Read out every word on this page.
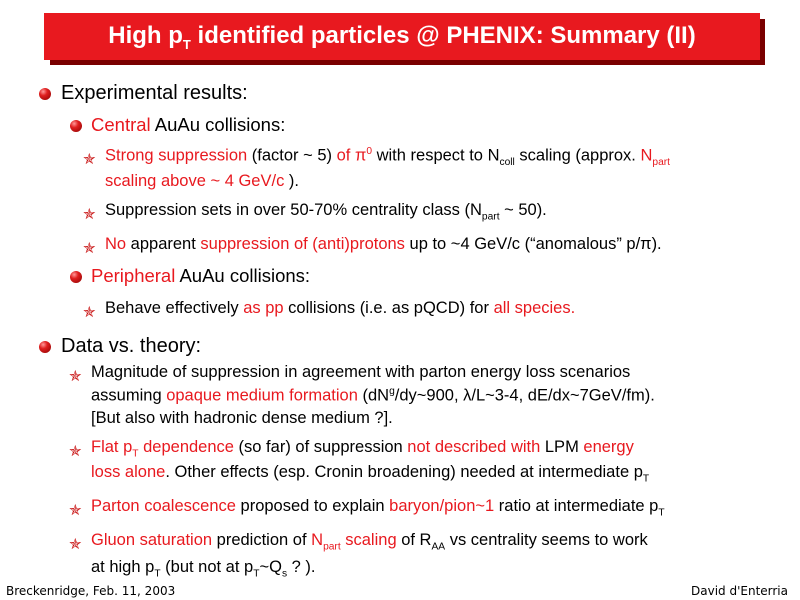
High $p_T$ identified particles @ PHENIX: Summary (II)
Experimental results:
Central AuAu collisions:
✯ Strong suppression (factor ~ 5) of $\pi^0$ with respect to $N_{coll}$ scaling (approx. $N_{part}$
scaling above ~ 4 GeV/c ).
✯ Suppression sets in over 50-70% centrality class ($N_{part}$ ~ 50).
✯ No apparent suppression of (anti)protons up to ~4 GeV/c (“anomalous” p/π).
Peripheral AuAu collisions:
✯ Behave effectively as pp collisions (i.e. as pQCD) for all species.
Data vs. theory:
✯ Magnitude of suppression in agreement with parton energy loss scenarios
assuming opaque medium formation ($dN^g/dy\sim 900$, λ/L~3-4, dE/dx~7GeV/fm).
[But also with hadronic dense medium ?].
✯ Flat $p_T$ dependence (so far) of suppression not described with LPM energy
loss alone. Other effects (esp. Cronin broadening) needed at intermediate $p_T$
✯ Parton coalescence proposed to explain baryon/pion~1 ratio at intermediate $p_T$
✯ Gluon saturation prediction of $N_{part}$ scaling of $R_{AA}$ vs centrality seems to work
at high $p_T$ (but not at $p_T\sim Q_s$ ? ).
Breckenridge, Feb. 11, 2003	David d'Enterria
